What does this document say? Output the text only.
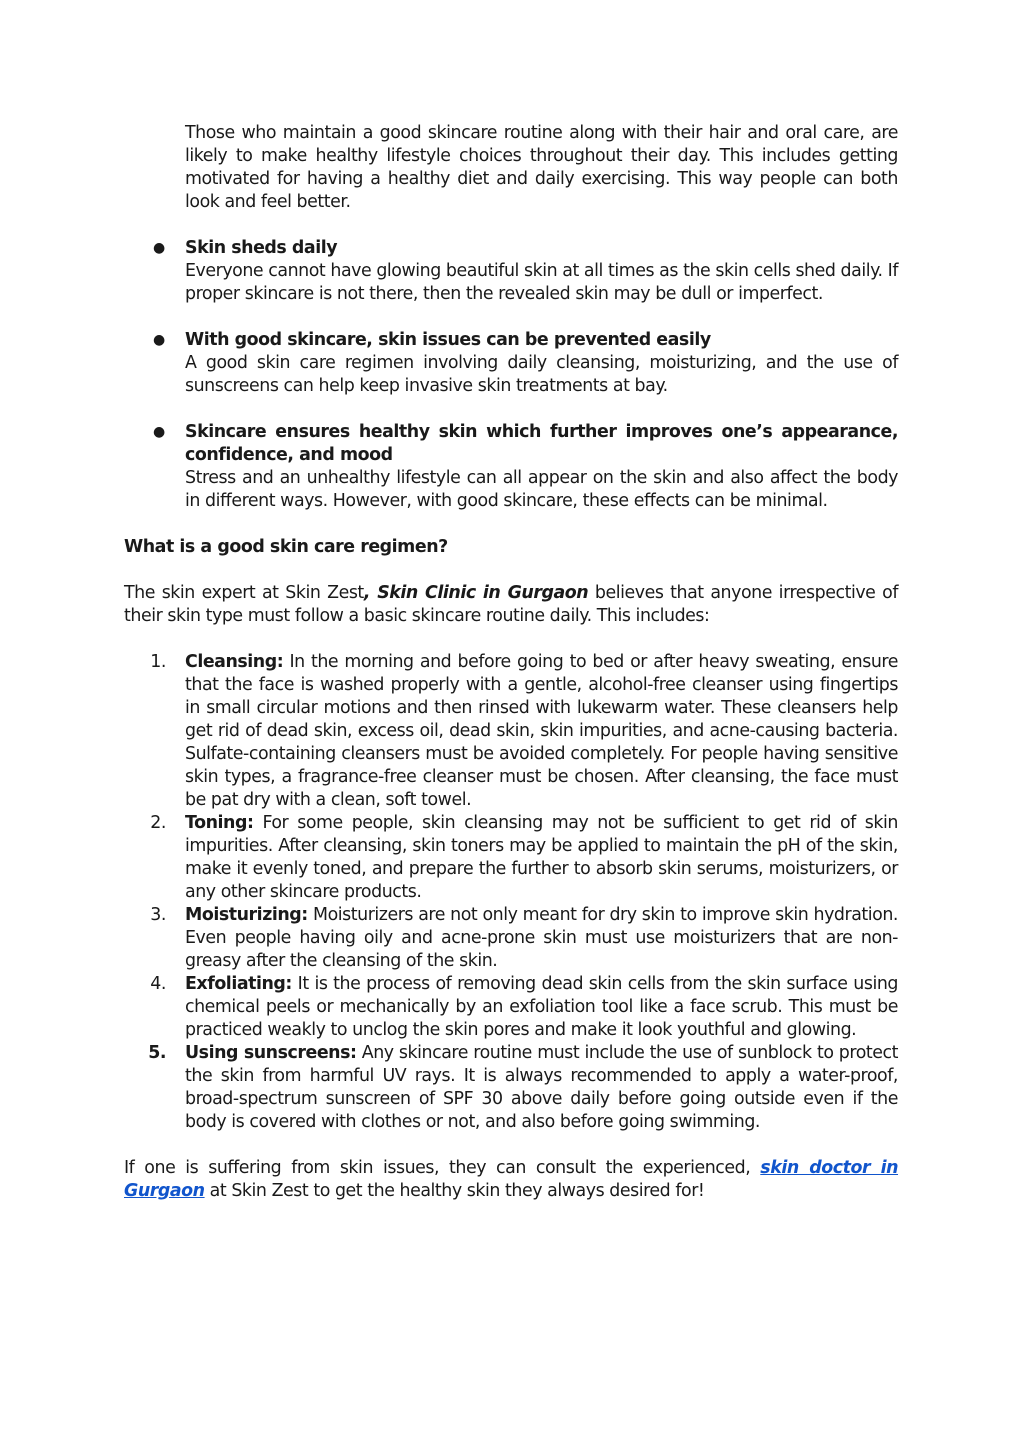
Those who maintain a good skincare routine along with their hair and oral care, are likely to make healthy lifestyle choices throughout their day. This includes getting motivated for having a healthy diet and daily exercising. This way people can both look and feel better.

● Skin sheds daily

Everyone cannot have glowing beautiful skin at all times as the skin cells shed daily. If proper skincare is not there, then the revealed skin may be dull or imperfect.

● With good skincare, skin issues can be prevented easily

A good skin care regimen involving daily cleansing, moisturizing, and the use of sunscreens can help keep invasive skin treatments at bay.

● Skincare ensures healthy skin which further improves one’s appearance, confidence, and mood

Stress and an unhealthy lifestyle can all appear on the skin and also affect the body in different ways. However, with good skincare, these effects can be minimal.

What is a good skin care regimen?

The skin expert at Skin Zest, Skin Clinic in Gurgaon believes that anyone irrespective of their skin type must follow a basic skincare routine daily. This includes:

1. Cleansing: In the morning and before going to bed or after heavy sweating, ensure that the face is washed properly with a gentle, alcohol-free cleanser using fingertips in small circular motions and then rinsed with lukewarm water. These cleansers help get rid of dead skin, excess oil, dead skin, skin impurities, and acne-causing bacteria. Sulfate-containing cleansers must be avoided completely. For people having sensitive skin types, a fragrance-free cleanser must be chosen. After cleansing, the face must be pat dry with a clean, soft towel.
2. Toning: For some people, skin cleansing may not be sufficient to get rid of skin impurities. After cleansing, skin toners may be applied to maintain the pH of the skin, make it evenly toned, and prepare the further to absorb skin serums, moisturizers, or any other skincare products.
3. Moisturizing: Moisturizers are not only meant for dry skin to improve skin hydration. Even people having oily and acne-prone skin must use moisturizers that are non-greasy after the cleansing of the skin.
4. Exfoliating: It is the process of removing dead skin cells from the skin surface using chemical peels or mechanically by an exfoliation tool like a face scrub. This must be practiced weakly to unclog the skin pores and make it look youthful and glowing.
5. Using sunscreens: Any skincare routine must include the use of sunblock to protect the skin from harmful UV rays. It is always recommended to apply a water-proof, broad-spectrum sunscreen of SPF 30 above daily before going outside even if the body is covered with clothes or not, and also before going swimming.

If one is suffering from skin issues, they can consult the experienced, skin doctor in Gurgaon at Skin Zest to get the healthy skin they always desired for!
